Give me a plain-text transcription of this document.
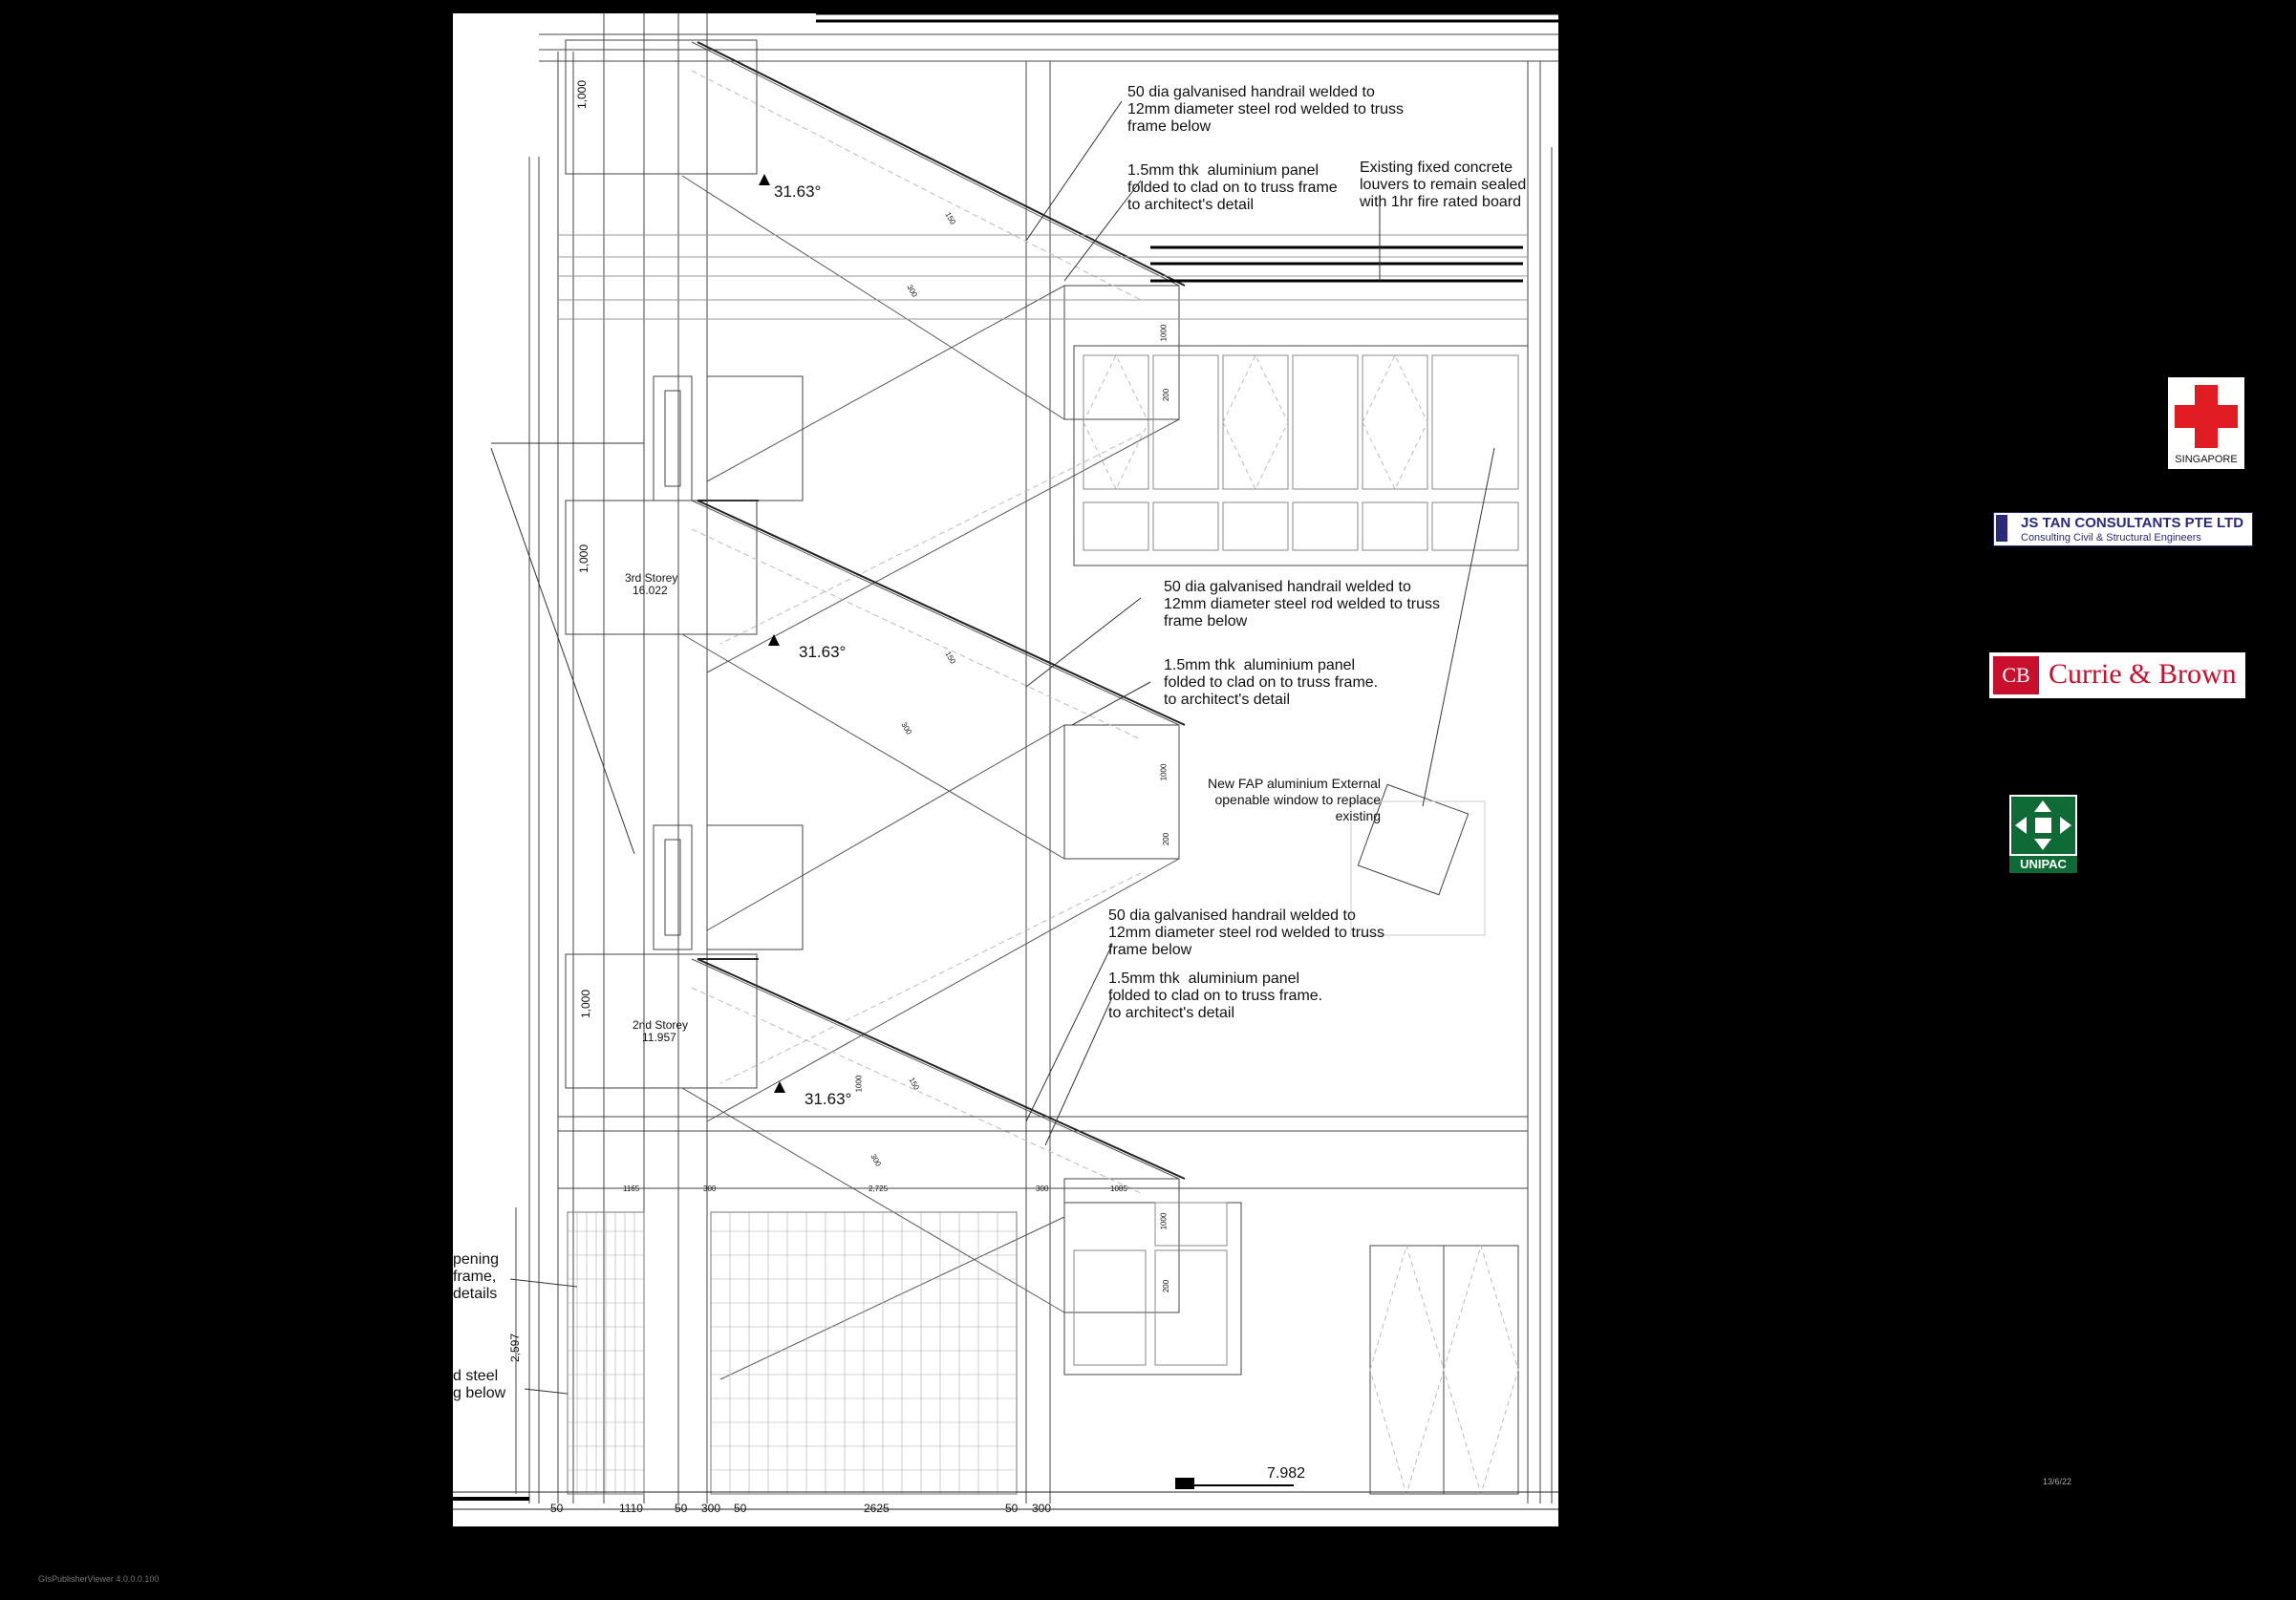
50 dia galvanised handrail welded to
12mm diameter steel rod welded to truss
frame below
1.5mm thk  aluminium panel
folded to clad on to truss frame
to architect's detail
Existing fixed concrete
louvers to remain sealed
with 1hr fire rated board
50 dia galvanised handrail welded to
12mm diameter steel rod welded to truss
frame below
1.5mm thk  aluminium panel
folded to clad on to truss frame.
to architect's detail
New FAP aluminium External
openable window to replace
existing
50 dia galvanised handrail welded to
12mm diameter steel rod welded to truss
frame below
1.5mm thk  aluminium panel
folded to clad on to truss frame.
to architect's detail
pening
frame,
details
d steel
g below
31.63°
31.63°
31.63°
3rd Storey
16.022
2nd Storey
11.957
1,000
1,000
1,000
2,597
1000
200
1000
200
1000
200
150
300
150
300
150
300
1000
1165	300	2,725	300	1085
7.982
50	1110	50 300 50	2625	50 300
SINGAPORE
JS TAN CONSULTANTS PTE LTD
Consulting Civil & Structural Engineers
CB Currie & Brown
UNIPAC
13/6/22
GIsPublisherViewer 4.0.0.0.100
